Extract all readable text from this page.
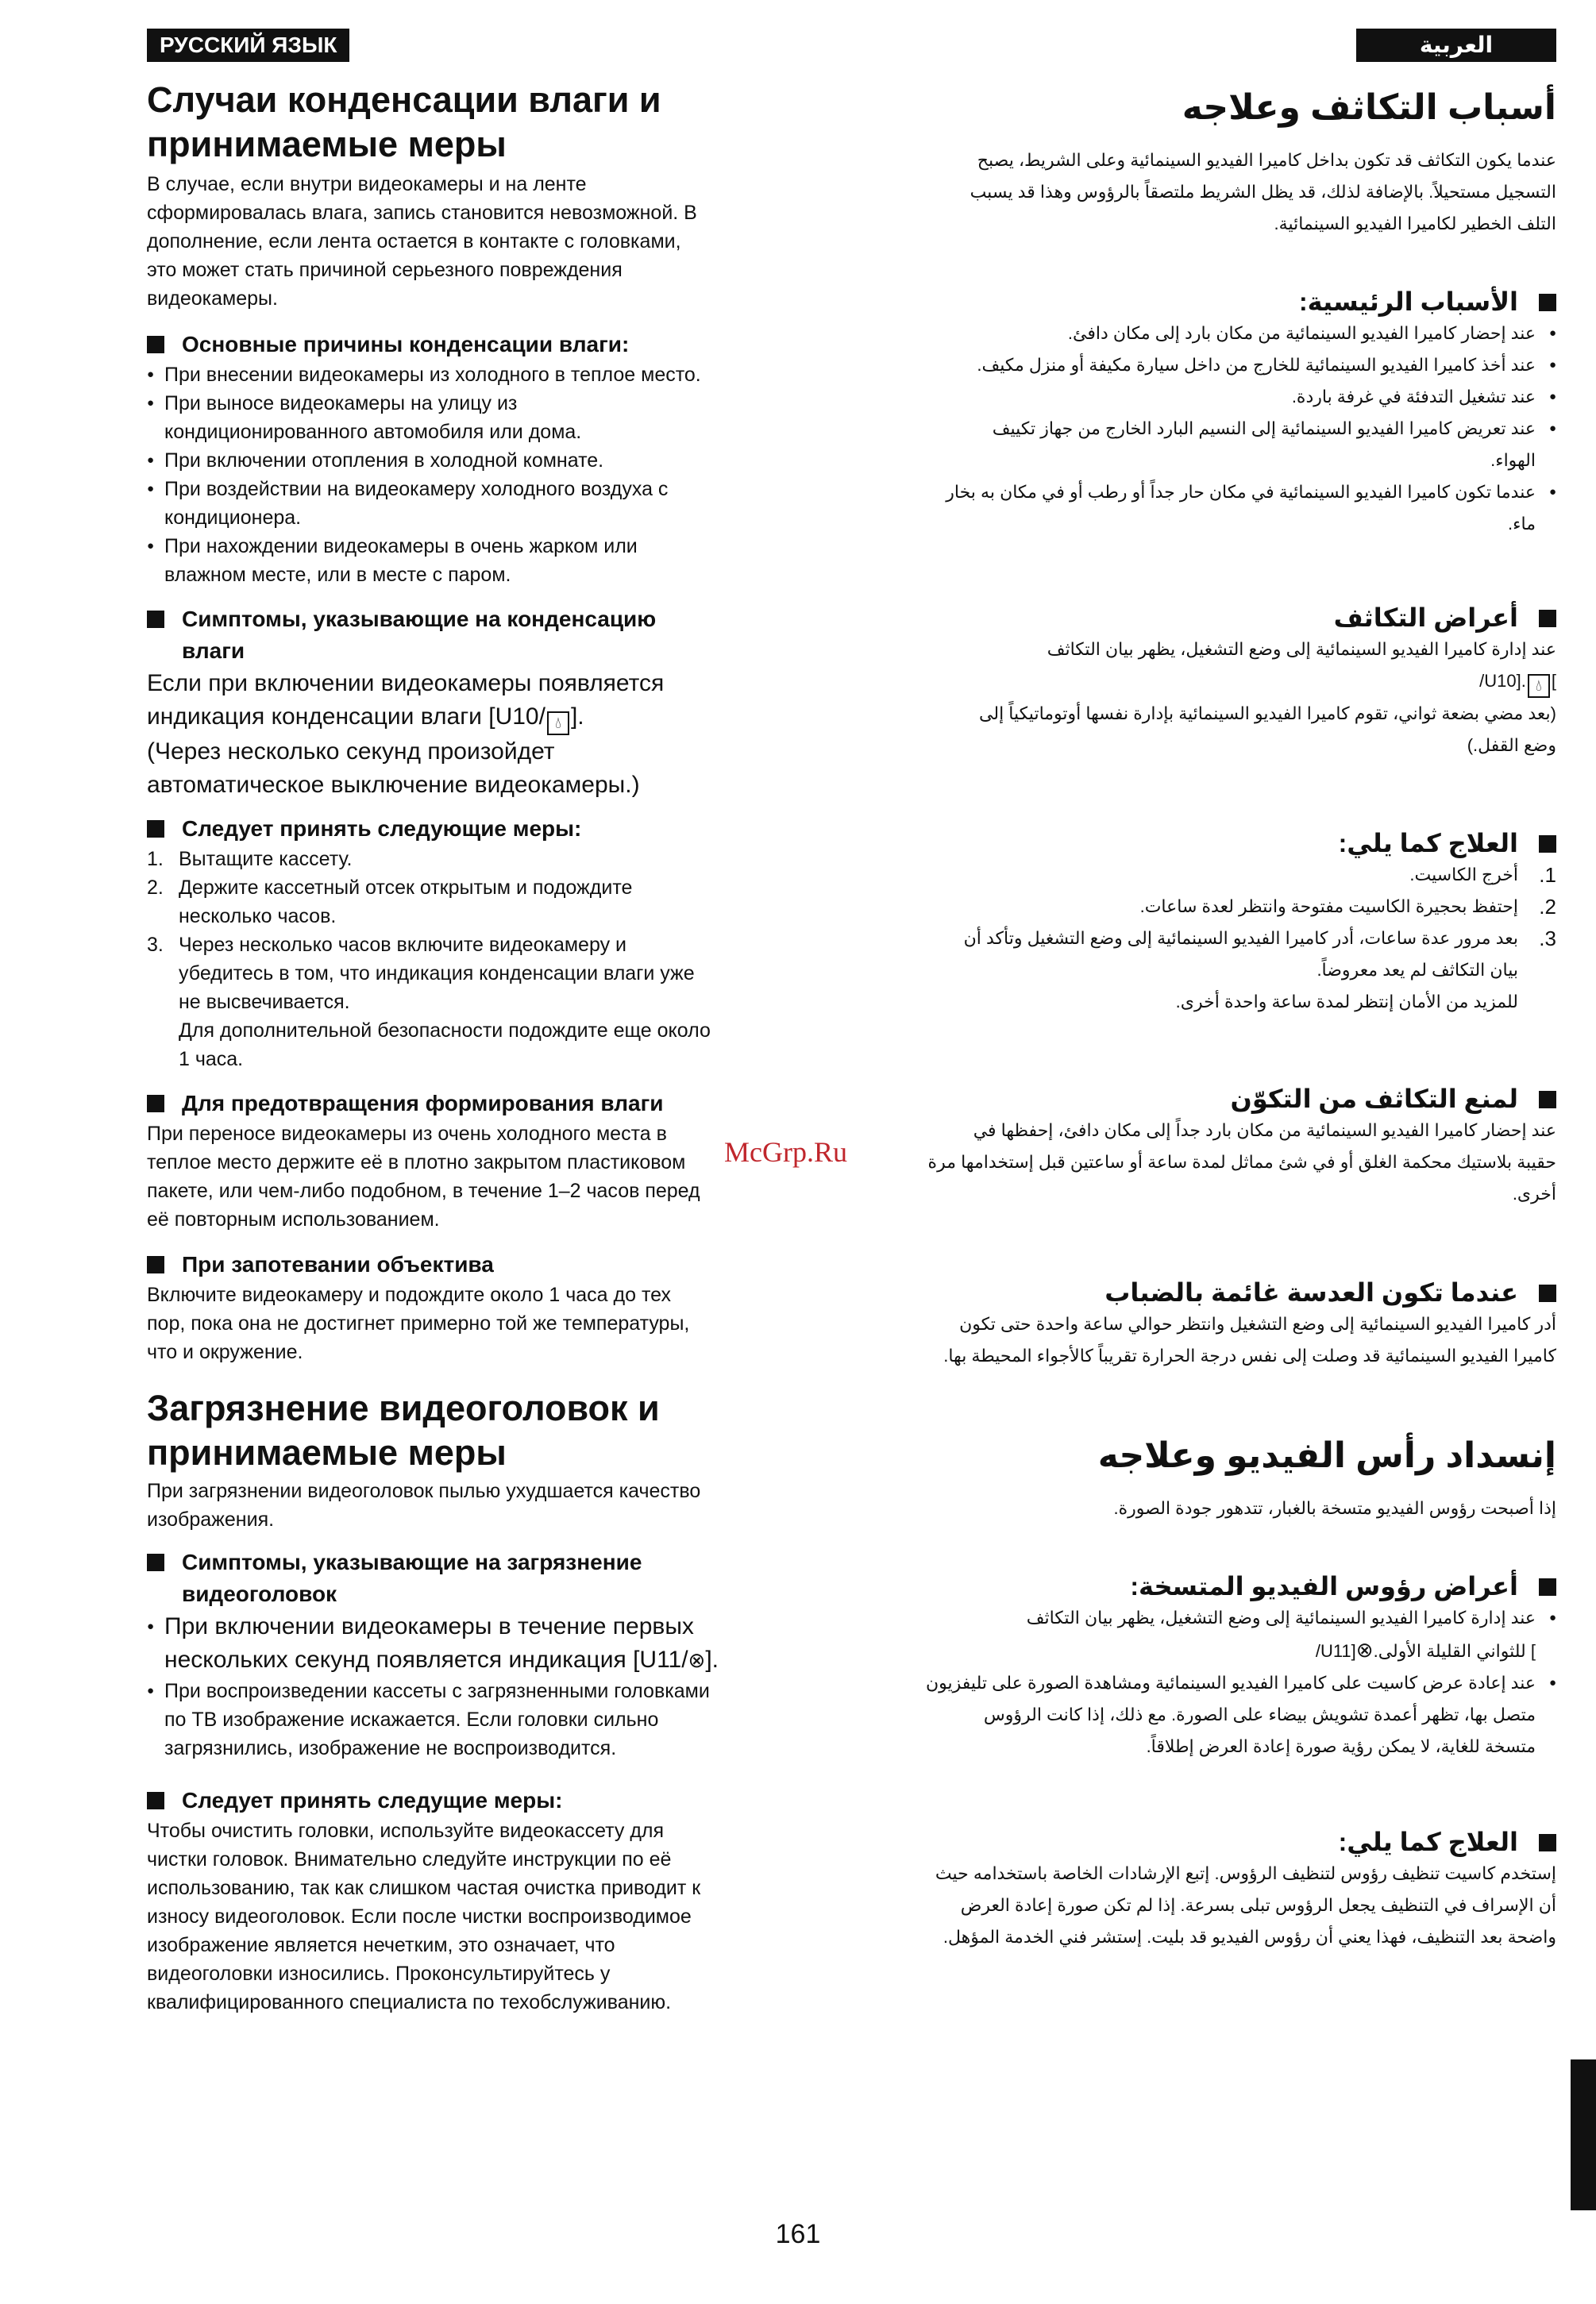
РУССКИЙ ЯЗЫК
Случаи конденсации влаги и
принимаемые меры

В случае, если внутри видеокамеры и на ленте

сформировалась влага, запись становится невозможной. В

дополнение, если лента остается в контакте с головками,

это может стать причиной серьезного повреждения

видеокамеры.

Основные причины конденсации влаги:
● При внесении видеокамеры из холодного в теплое место.
● При выносе видеокамеры на улицу из
кондиционированного автомобиля или дома.
● При включении отопления в холодной комнате.
● При воздействии на видеокамеру холодного воздуха с
кондиционера.
● При нахождении видеокамеры в очень жарком или
влажном месте, или в месте с паром.
Симптомы, указывающие на конденсацию
влаги

Если при включении видеокамеры появляется

индикация конденсации влаги [U10/ 💧︎ ].

(Через несколько секунд произойдет

автоматическое выключение видеокамеры.)

Следует принять следующие меры:
1. Вытащите кассету.
2. Держите кассетный отсек открытым и подождите
несколько часов.
3. Через несколько часов включите видеокамеру и
убедитесь в том, что индикация конденсации влаги уже
не высвечивается.
Для дополнительной безопасности подождите еще около
1 часа.
Для предотвращения формирования влаги

При переносе видеокамеры из очень холодного места в

теплое место держите её в плотно закрытом пластиковом

пакете, или чем-либо подобном, в течение 1–2 часов перед

её повторным использованием.

При запотевании объектива

Включите видеокамеру и подождите около 1 часа до тех

пор, пока она не достигнет примерно той же температуры,

что и окружение.

Загрязнение видеоголовок и
принимаемые меры

При загрязнении видеоголовок пылью ухудшается качество

изображения.

Симптомы, указывающие на загрязнение
видеоголовок
● При включении видеокамеры в течение первых
нескольких секунд появляется индикация [U11/⊗].
● При воспроизведении кассеты с загрязненными головками
по ТВ изображение искажается. Если головки сильно
загрязнились, изображение не воспроизводится.
Следует принять следущие меры:

Чтобы очистить головки, используйте видеокассету для

чистки головок. Внимательно следуйте инструкции по её

использованию, так как слишком частая очистка приводит к

износу видеоголовок. Если после чистки воспроизводимое

изображение является нечетким, это означает, что

видеоголовки износились. Проконсультируйтесь у

квалифицированного специалиста по техобслуживанию.

العربية
أسباب التكاثف وعلاجه

عندما يكون التكاثف قد تكون بداخل كاميرا الفيديو السينمائية وعلى الشريط، يصبح

التسجيل مستحيلاً. بالإضافة لذلك، قد يظل الشريط ملتصقاً بالرؤوس وهذا قد يسبب

التلف الخطير لكاميرا الفيديو السينمائية.

الأسباب الرئيسية:
● عند إحضار كاميرا الفيديو السينمائية من مكان بارد إلى مكان دافئ.
● عند أخذ كاميرا الفيديو السينمائية للخارج من داخل سيارة مكيفة أو منزل مكيف.
● عند تشغيل التدفئة في غرفة باردة.
● عند تعريض كاميرا الفيديو السينمائية إلى النسيم البارد الخارج من جهاز تكييف
الهواء.
● عندما تكون كاميرا الفيديو السينمائية في مكان حار جداً أو رطب أو في مكان به بخار
ماء.
أعراض التكاثف

عند إدارة كاميرا الفيديو السينمائية إلى وضع التشغيل، يظهر بيان التكاثف

]💧︎.[U10/

(بعد مضي بضعة ثواني، تقوم كاميرا الفيديو السينمائية بإدارة نفسها أوتوماتيكياً إلى

وضع القفل.)

العلاج كما يلي:
1.
أخرج الكاسيت.
2.
إحتفظ بحجيرة الكاسيت مفتوحة وانتظر لعدة ساعات.
3.
بعد مرور عدة ساعات، أدر كاميرا الفيديو السينمائية إلى وضع التشغيل وتأكد أن
بيان التكاثف لم يعد معروضاً.
للمزيد من الأمان إنتظر لمدة ساعة واحدة أخرى.
لمنع التكاثف من التكوّن

عند إحضار كاميرا الفيديو السينمائية من مكان بارد جداً إلى مكان دافئ، إحفظها في

حقيبة بلاستيك محكمة الغلق أو في شئ مماثل لمدة ساعة أو ساعتين قبل إستخدامها مرة

أخرى.

عندما تكون العدسة غائمة بالضباب

أدر كاميرا الفيديو السينمائية إلى وضع التشغيل وانتظر حوالي ساعة واحدة حتى تكون

كاميرا الفيديو السينمائية قد وصلت إلى نفس درجة الحرارة تقريباً كالأجواء المحيطة بها.

إنسداد رأس الفيديو وعلاجه

إذا أصبحت رؤوس الفيديو متسخة بالغبار، تتدهور جودة الصورة.

أعراض رؤوس الفيديو المتسخة:
● عند إدارة كاميرا الفيديو السينمائية إلى وضع التشغيل، يظهر بيان التكاثف
] للثواني القليلة الأولى.⊗[U11/
● عند إعادة عرض كاسيت على كاميرا الفيديو السينمائية ومشاهدة الصورة على تليفزيون
متصل بها، تظهر أعمدة تشويش بيضاء على الصورة. مع ذلك، إذا كانت الرؤوس
متسخة للغاية، لا يمكن رؤية صورة إعادة العرض إطلاقاً.
العلاج كما يلي:

إستخدم كاسيت تنظيف رؤوس لتنظيف الرؤوس. إتبع الإرشادات الخاصة باستخدامه حيث

أن الإسراف في التنظيف يجعل الرؤوس تبلى بسرعة. إذا لم تكن صورة إعادة العرض

واضحة بعد التنظيف، فهذا يعني أن رؤوس الفيديو قد بليت. إستشر فني الخدمة المؤهل.

McGrp.Ru
161
